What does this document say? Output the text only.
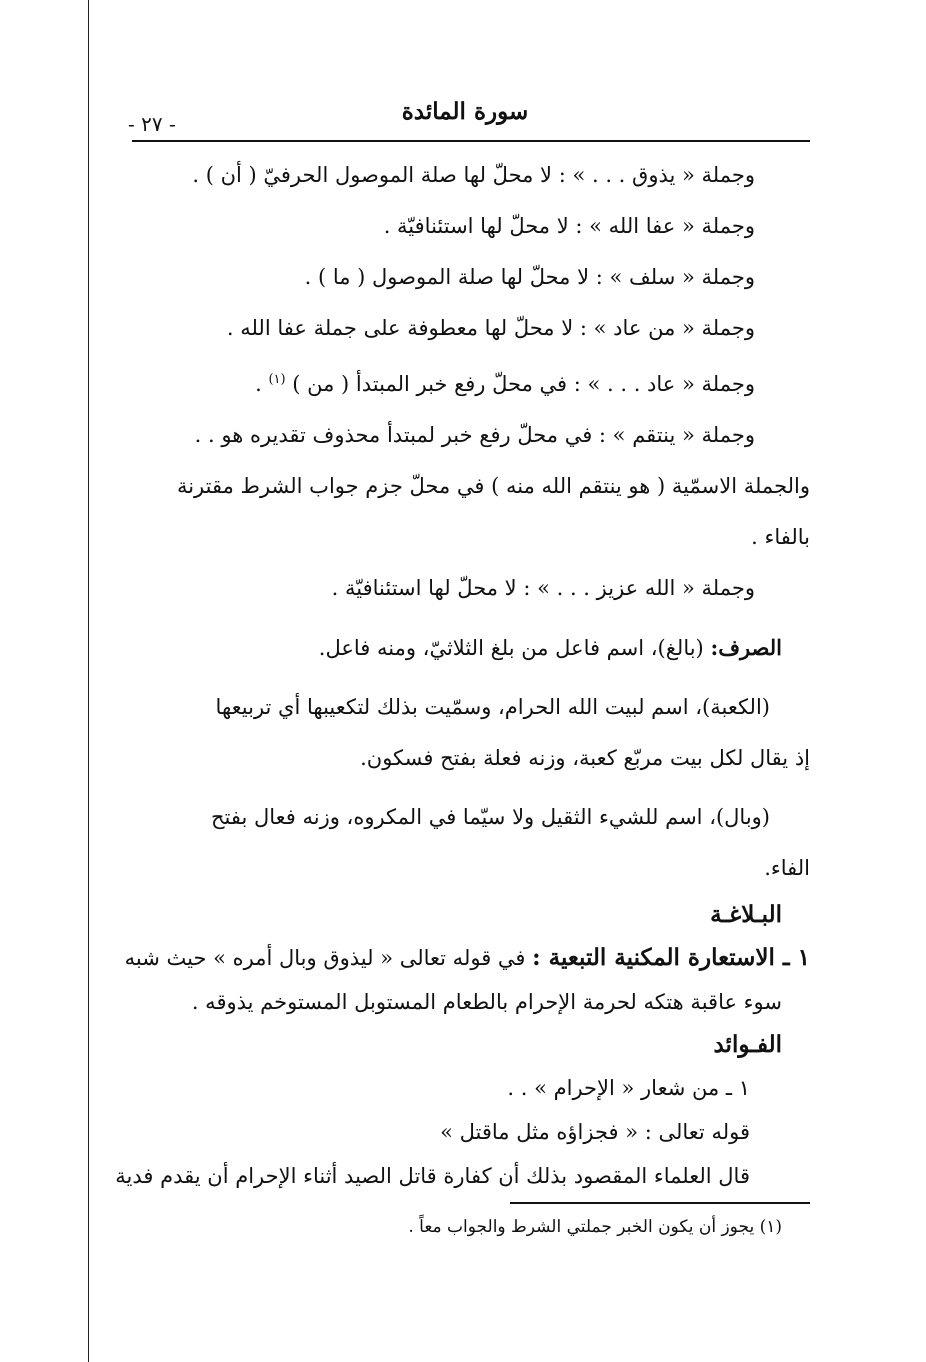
سورة المائدة
- ٢٧ -
وجملة « يذوق . . . » : لا محلّ لها صلة الموصول الحرفيّ ( أن ) .
وجملة « عفا الله » : لا محلّ لها استئنافيّة .
وجملة « سلف » : لا محلّ لها صلة الموصول ( ما ) .
وجملة « من عاد » : لا محلّ لها معطوفة على جملة عفا الله .
وجملة « عاد . . . » : في محلّ رفع خبر المبتدأ ( من ) $^{(١)}$ .
وجملة « ينتقم » : في محلّ رفع خبر لمبتدأ محذوف تقديره هو . .
والجملة الاسمّية ( هو ينتقم الله منه ) في محلّ جزم جواب الشرط مقترنة
بالفاء .
وجملة « الله عزيز . . . » : لا محلّ لها استئنافيّة .
الصرف: (بالغ)، اسم فاعل من بلغ الثلاثيّ، ومنه فاعل.
(الكعبة)، اسم لبيت الله الحرام، وسمّيت بذلك لتكعيبها أي تربيعها
إذ يقال لكل بيت مربّع كعبة، وزنه فعلة بفتح فسكون.
(وبال)، اسم للشيء الثقيل ولا سيّما في المكروه، وزنه فعال بفتح
الفاء.
البـلاغـة
١ ـ الاستعارة المكنية التبعية : في قوله تعالى « ليذوق وبال أمره » حيث شبه
سوء عاقبة هتكه لحرمة الإحرام بالطعام المستوبل المستوخم يذوقه .
الفـوائد
١ ـ من شعار « الإحرام » . .
قوله تعالى : « فجزاؤه مثل ماقتل »
قال العلماء المقصود بذلك أن كفارة قاتل الصيد أثناء الإحرام أن يقدم فدية
(١) يجوز أن يكون الخبر جملتي الشرط والجواب معاً .
